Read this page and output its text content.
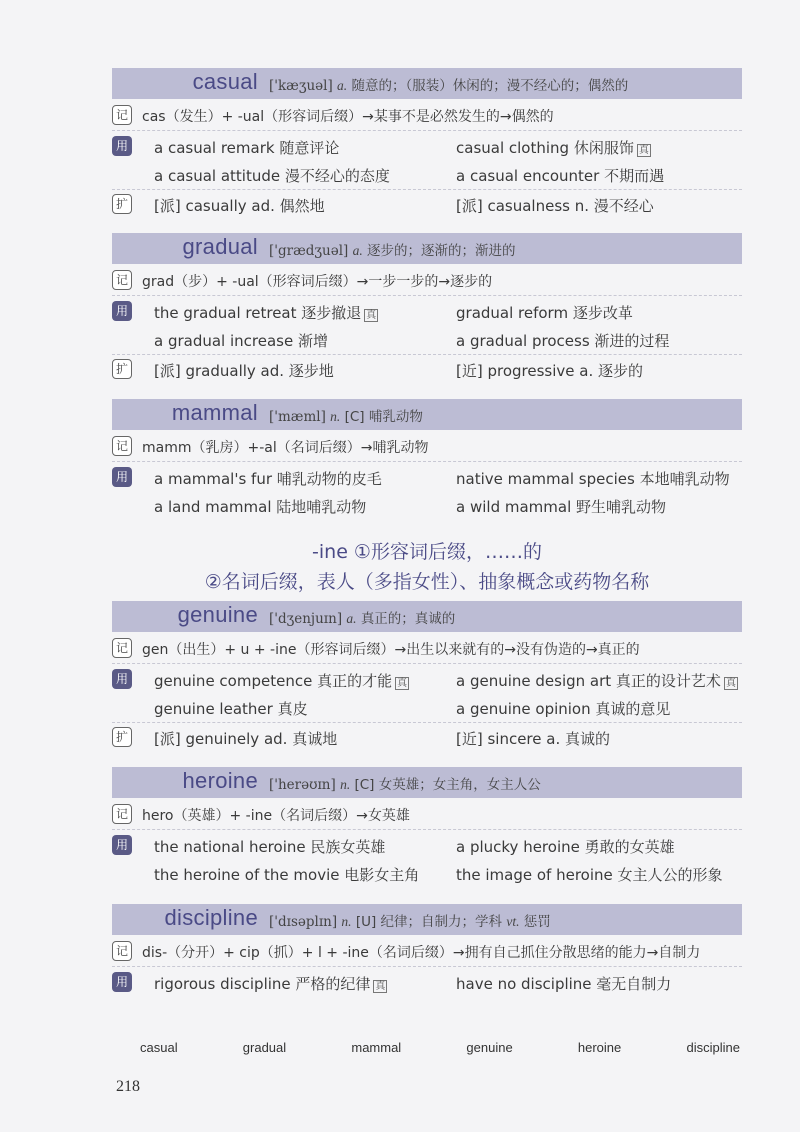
casual ['kæʒuəl] a. 随意的；（服装）休闲的；漫不经心的；偶然的
记 cas（发生）+ -ual（形容词后缀）→某事不是必然发生的→偶然的
用 a casual remark 随意评论	casual clothing 休闲服饰 真
a casual attitude 漫不经心的态度	a casual encounter 不期而遇
扩 [派] casually ad. 偶然地	[派] casualness n. 漫不经心
gradual ['grædʒuəl] a. 逐步的；逐渐的；渐进的
记 grad（步）+ -ual（形容词后缀）→一步一步的→逐步的
用 the gradual retreat 逐步撤退 真	gradual reform 逐步改革
a gradual increase 渐增	a gradual process 渐进的过程
扩 [派] gradually ad. 逐步地	[近] progressive a. 逐步的
mammal ['mæml] n. [C] 哺乳动物
记 mamm（乳房）+-al（名词后缀）→哺乳动物
用 a mammal's fur 哺乳动物的皮毛	native mammal species 本地哺乳动物
a land mammal 陆地哺乳动物	a wild mammal 野生哺乳动物
-ine ①形容词后缀，……的
②名词后缀，表人（多指女性）、抽象概念或药物名称
genuine ['dʒenjuɪn] a. 真正的；真诚的
记 gen（出生）+ u + -ine（形容词后缀）→出生以来就有的→没有伪造的→真正的
用 genuine competence 真正的才能 真	a genuine design art 真正的设计艺术 真
genuine leather 真皮	a genuine opinion 真诚的意见
扩 [派] genuinely ad. 真诚地	[近] sincere a. 真诚的
heroine ['herəʊɪn] n. [C] 女英雄；女主角，女主人公
记 hero（英雄）+ -ine（名词后缀）→女英雄
用 the national heroine 民族女英雄	a plucky heroine 勇敢的女英雄
the heroine of the movie 电影女主角 the image of heroine 女主人公的形象
discipline ['dɪsəplɪn] n. [U] 纪律；自制力；学科 vt. 惩罚
记 dis-（分开）+ cip（抓）+ l + -ine（名词后缀）→拥有自己抓住分散思绪的能力→自制力
用 rigorous discipline 严格的纪律 真	have no discipline 毫无自制力
casual	gradual	mammal	genuine	heroine	discipline
218
